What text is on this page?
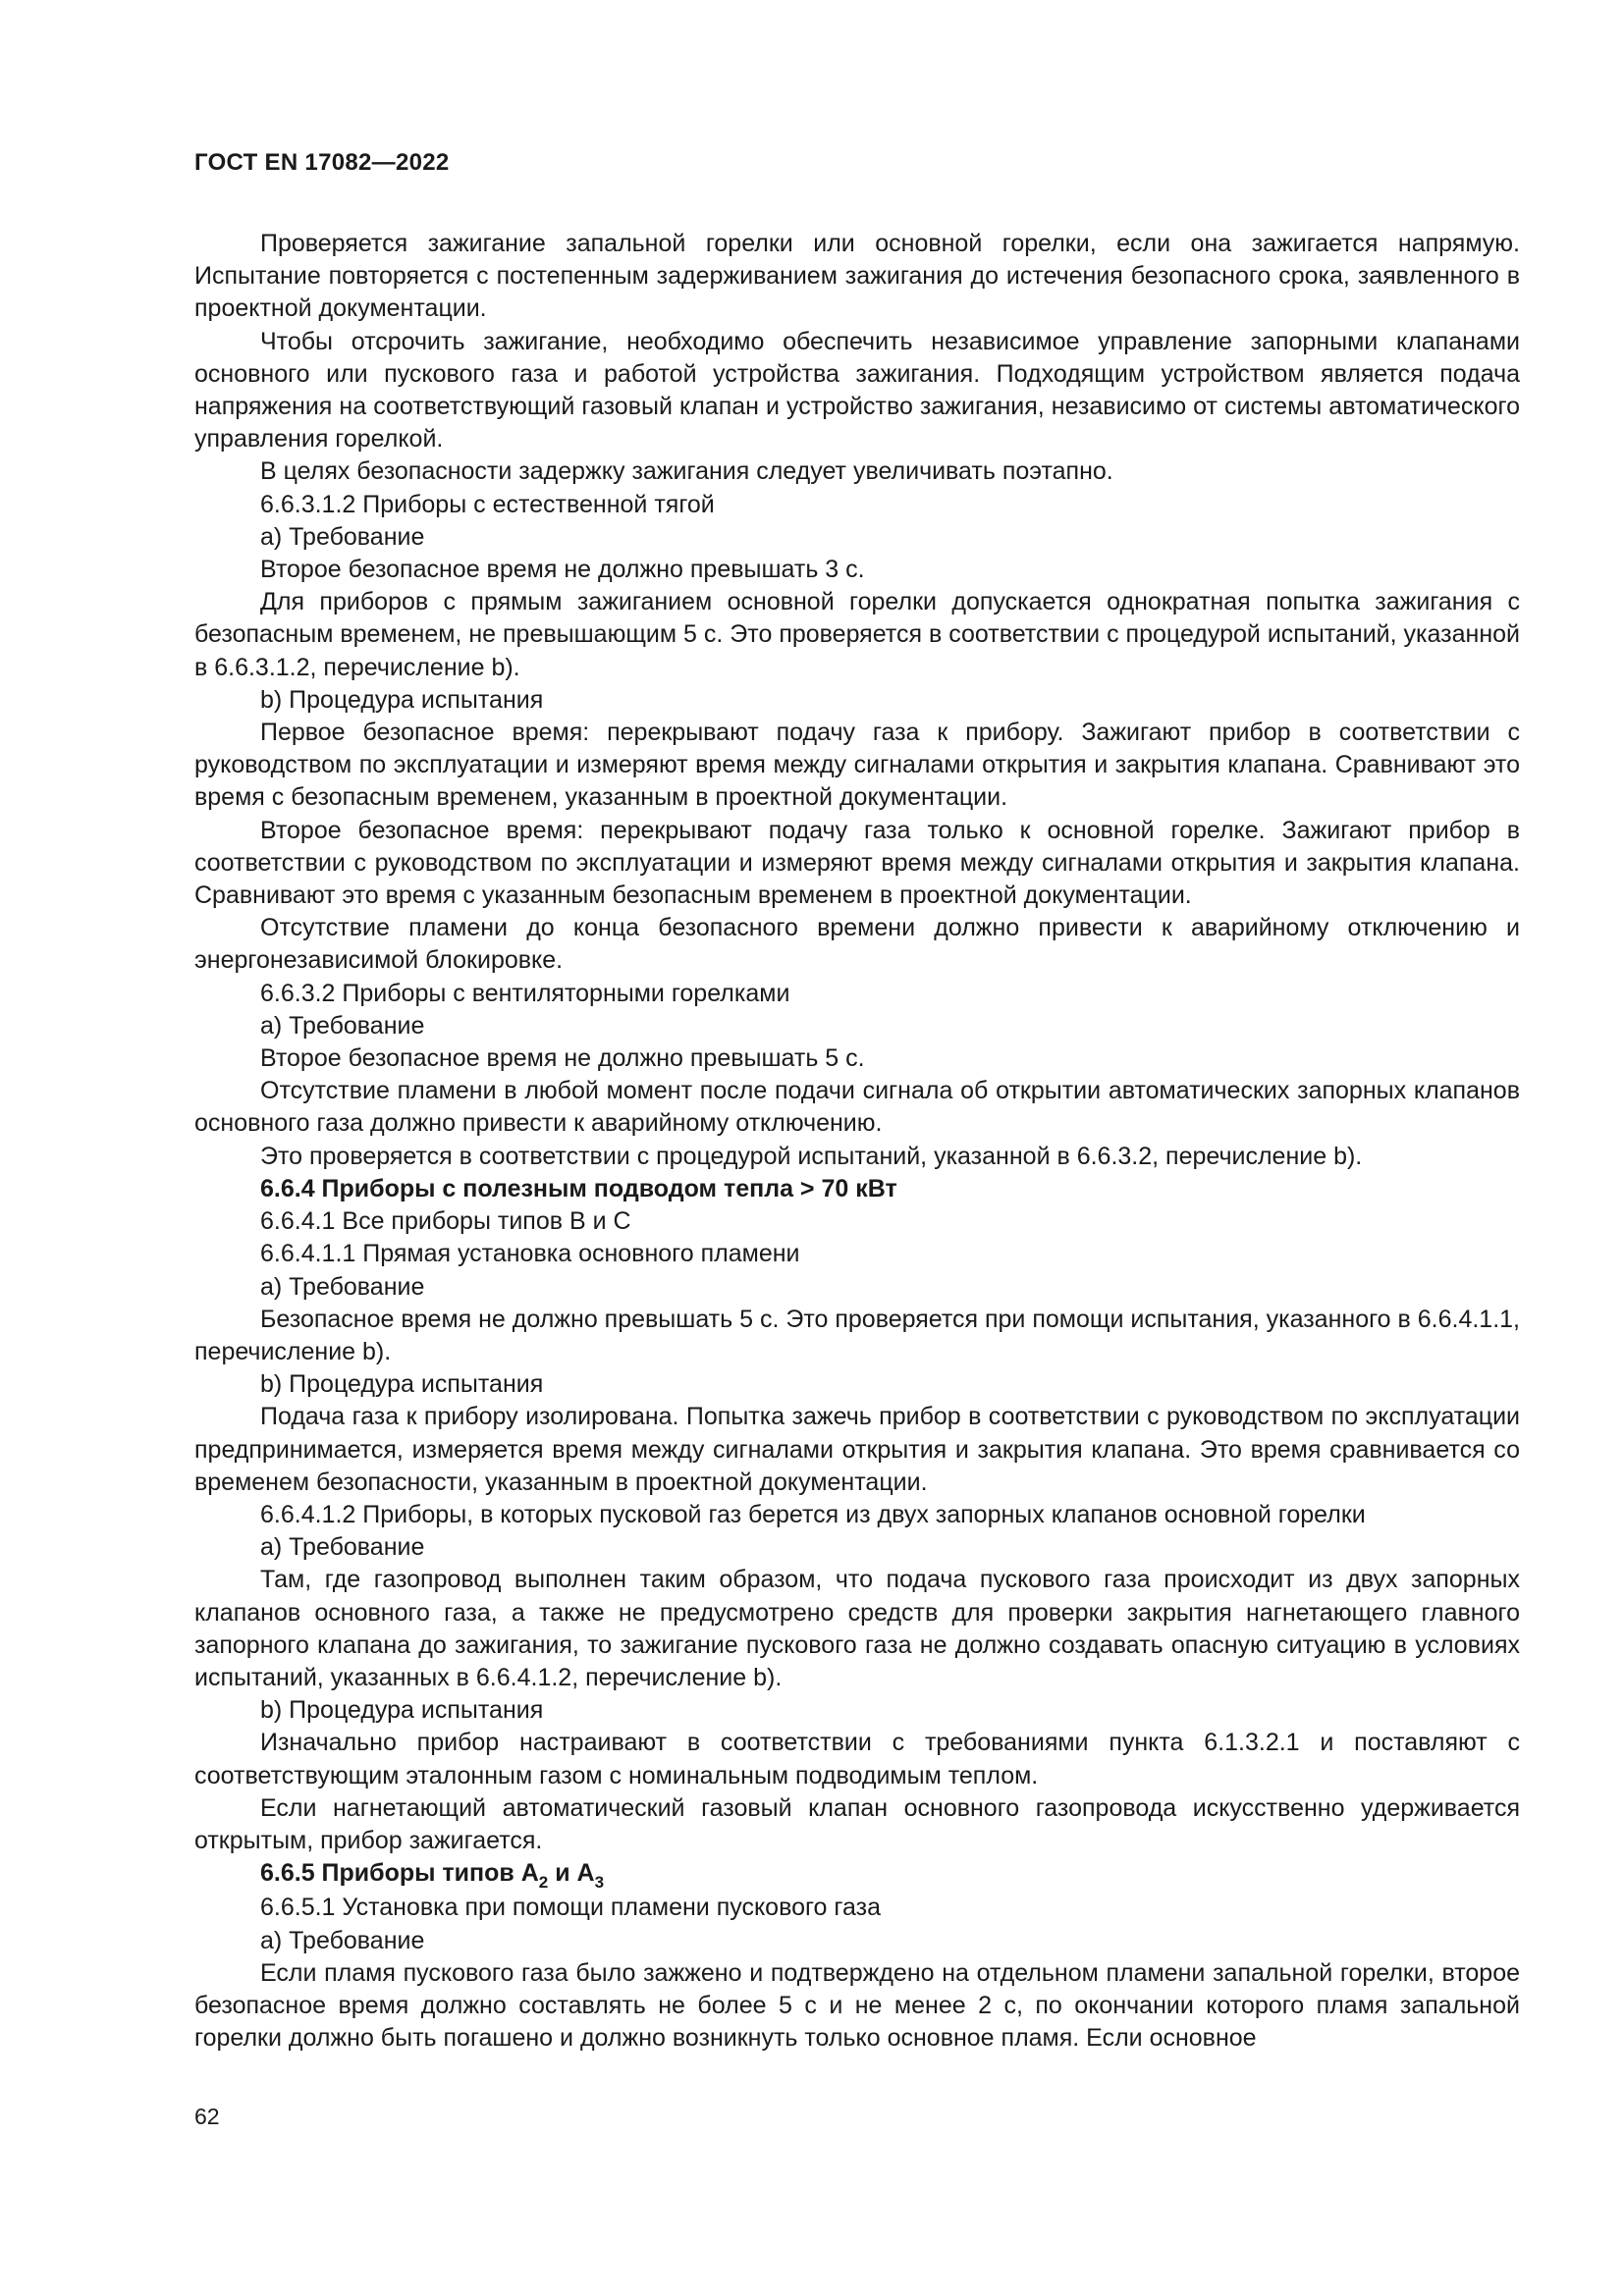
ГОСТ EN 17082—2022

Проверяется зажигание запальной горелки или основной горелки, если она зажигается напрямую. Испытание повторяется с постепенным задерживанием зажигания до истечения безопасного срока, заявленного в проектной документации.

Чтобы отсрочить зажигание, необходимо обеспечить независимое управление запорными клапанами основного или пускового газа и работой устройства зажигания. Подходящим устройством является подача напряжения на соответствующий газовый клапан и устройство зажигания, независимо от системы автоматического управления горелкой.

В целях безопасности задержку зажигания следует увеличивать поэтапно.

6.6.3.1.2 Приборы с естественной тягой

а) Требование

Второе безопасное время не должно превышать 3 с.

Для приборов с прямым зажиганием основной горелки допускается однократная попытка зажигания с безопасным временем, не превышающим 5 с. Это проверяется в соответствии с процедурой испытаний, указанной в 6.6.3.1.2, перечисление b).

b) Процедура испытания

Первое безопасное время: перекрывают подачу газа к прибору. Зажигают прибор в соответствии с руководством по эксплуатации и измеряют время между сигналами открытия и закрытия клапана. Сравнивают это время с безопасным временем, указанным в проектной документации.

Второе безопасное время: перекрывают подачу газа только к основной горелке. Зажигают прибор в соответствии с руководством по эксплуатации и измеряют время между сигналами открытия и закрытия клапана. Сравнивают это время с указанным безопасным временем в проектной документации.

Отсутствие пламени до конца безопасного времени должно привести к аварийному отключению и энергонезависимой блокировке.

6.6.3.2 Приборы с вентиляторными горелками

а) Требование

Второе безопасное время не должно превышать 5 с.

Отсутствие пламени в любой момент после подачи сигнала об открытии автоматических запорных клапанов основного газа должно привести к аварийному отключению.

Это проверяется в соответствии с процедурой испытаний, указанной в 6.6.3.2, перечисление b).

6.6.4 Приборы с полезным подводом тепла > 70 кВт

6.6.4.1 Все приборы типов В и С

6.6.4.1.1 Прямая установка основного пламени

а) Требование

Безопасное время не должно превышать 5 с. Это проверяется при помощи испытания, указанного в 6.6.4.1.1, перечисление b).

b) Процедура испытания

Подача газа к прибору изолирована. Попытка зажечь прибор в соответствии с руководством по эксплуатации предпринимается, измеряется время между сигналами открытия и закрытия клапана. Это время сравнивается со временем безопасности, указанным в проектной документации.

6.6.4.1.2 Приборы, в которых пусковой газ берется из двух запорных клапанов основной горелки

а) Требование

Там, где газопровод выполнен таким образом, что подача пускового газа происходит из двух запорных клапанов основного газа, а также не предусмотрено средств для проверки закрытия нагнетающего главного запорного клапана до зажигания, то зажигание пускового газа не должно создавать опасную ситуацию в условиях испытаний, указанных в 6.6.4.1.2, перечисление b).

b) Процедура испытания

Изначально прибор настраивают в соответствии с требованиями пункта 6.1.3.2.1 и поставляют с соответствующим эталонным газом с номинальным подводимым теплом.

Если нагнетающий автоматический газовый клапан основного газопровода искусственно удерживается открытым, прибор зажигается.

6.6.5 Приборы типов $А_2$ и $А_3$

6.6.5.1 Установка при помощи пламени пускового газа

а) Требование

Если пламя пускового газа было зажжено и подтверждено на отдельном пламени запальной горелки, второе безопасное время должно составлять не более 5 с и не менее 2 с, по окончании которого пламя запальной горелки должно быть погашено и должно возникнуть только основное пламя. Если основное

62
